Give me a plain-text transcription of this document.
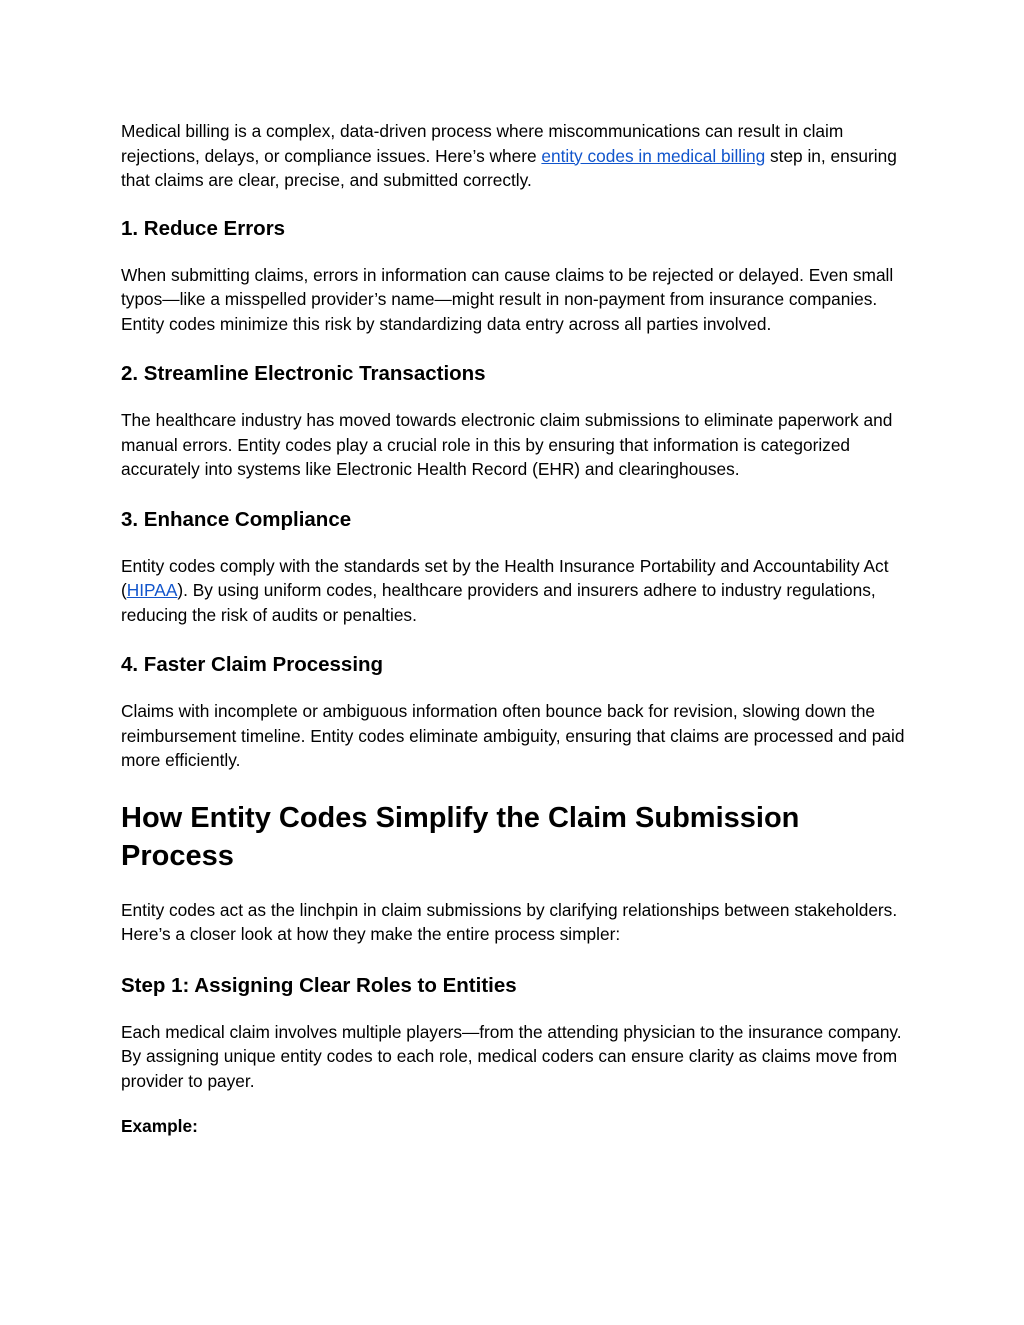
Medical billing is a complex, data-driven process where miscommunications can result in claim rejections, delays, or compliance issues. Here’s where entity codes in medical billing step in, ensuring that claims are clear, precise, and submitted correctly.

1. Reduce Errors

When submitting claims, errors in information can cause claims to be rejected or delayed. Even small typos—like a misspelled provider’s name—might result in non-payment from insurance companies. Entity codes minimize this risk by standardizing data entry across all parties involved.

2. Streamline Electronic Transactions

The healthcare industry has moved towards electronic claim submissions to eliminate paperwork and manual errors. Entity codes play a crucial role in this by ensuring that information is categorized accurately into systems like Electronic Health Record (EHR) and clearinghouses.

3. Enhance Compliance

Entity codes comply with the standards set by the Health Insurance Portability and Accountability Act (HIPAA). By using uniform codes, healthcare providers and insurers adhere to industry regulations, reducing the risk of audits or penalties.

4. Faster Claim Processing

Claims with incomplete or ambiguous information often bounce back for revision, slowing down the reimbursement timeline. Entity codes eliminate ambiguity, ensuring that claims are processed and paid more efficiently.

How Entity Codes Simplify the Claim Submission Process

Entity codes act as the linchpin in claim submissions by clarifying relationships between stakeholders. Here’s a closer look at how they make the entire process simpler:

Step 1: Assigning Clear Roles to Entities

Each medical claim involves multiple players—from the attending physician to the insurance company. By assigning unique entity codes to each role, medical coders can ensure clarity as claims move from provider to payer.

Example:
